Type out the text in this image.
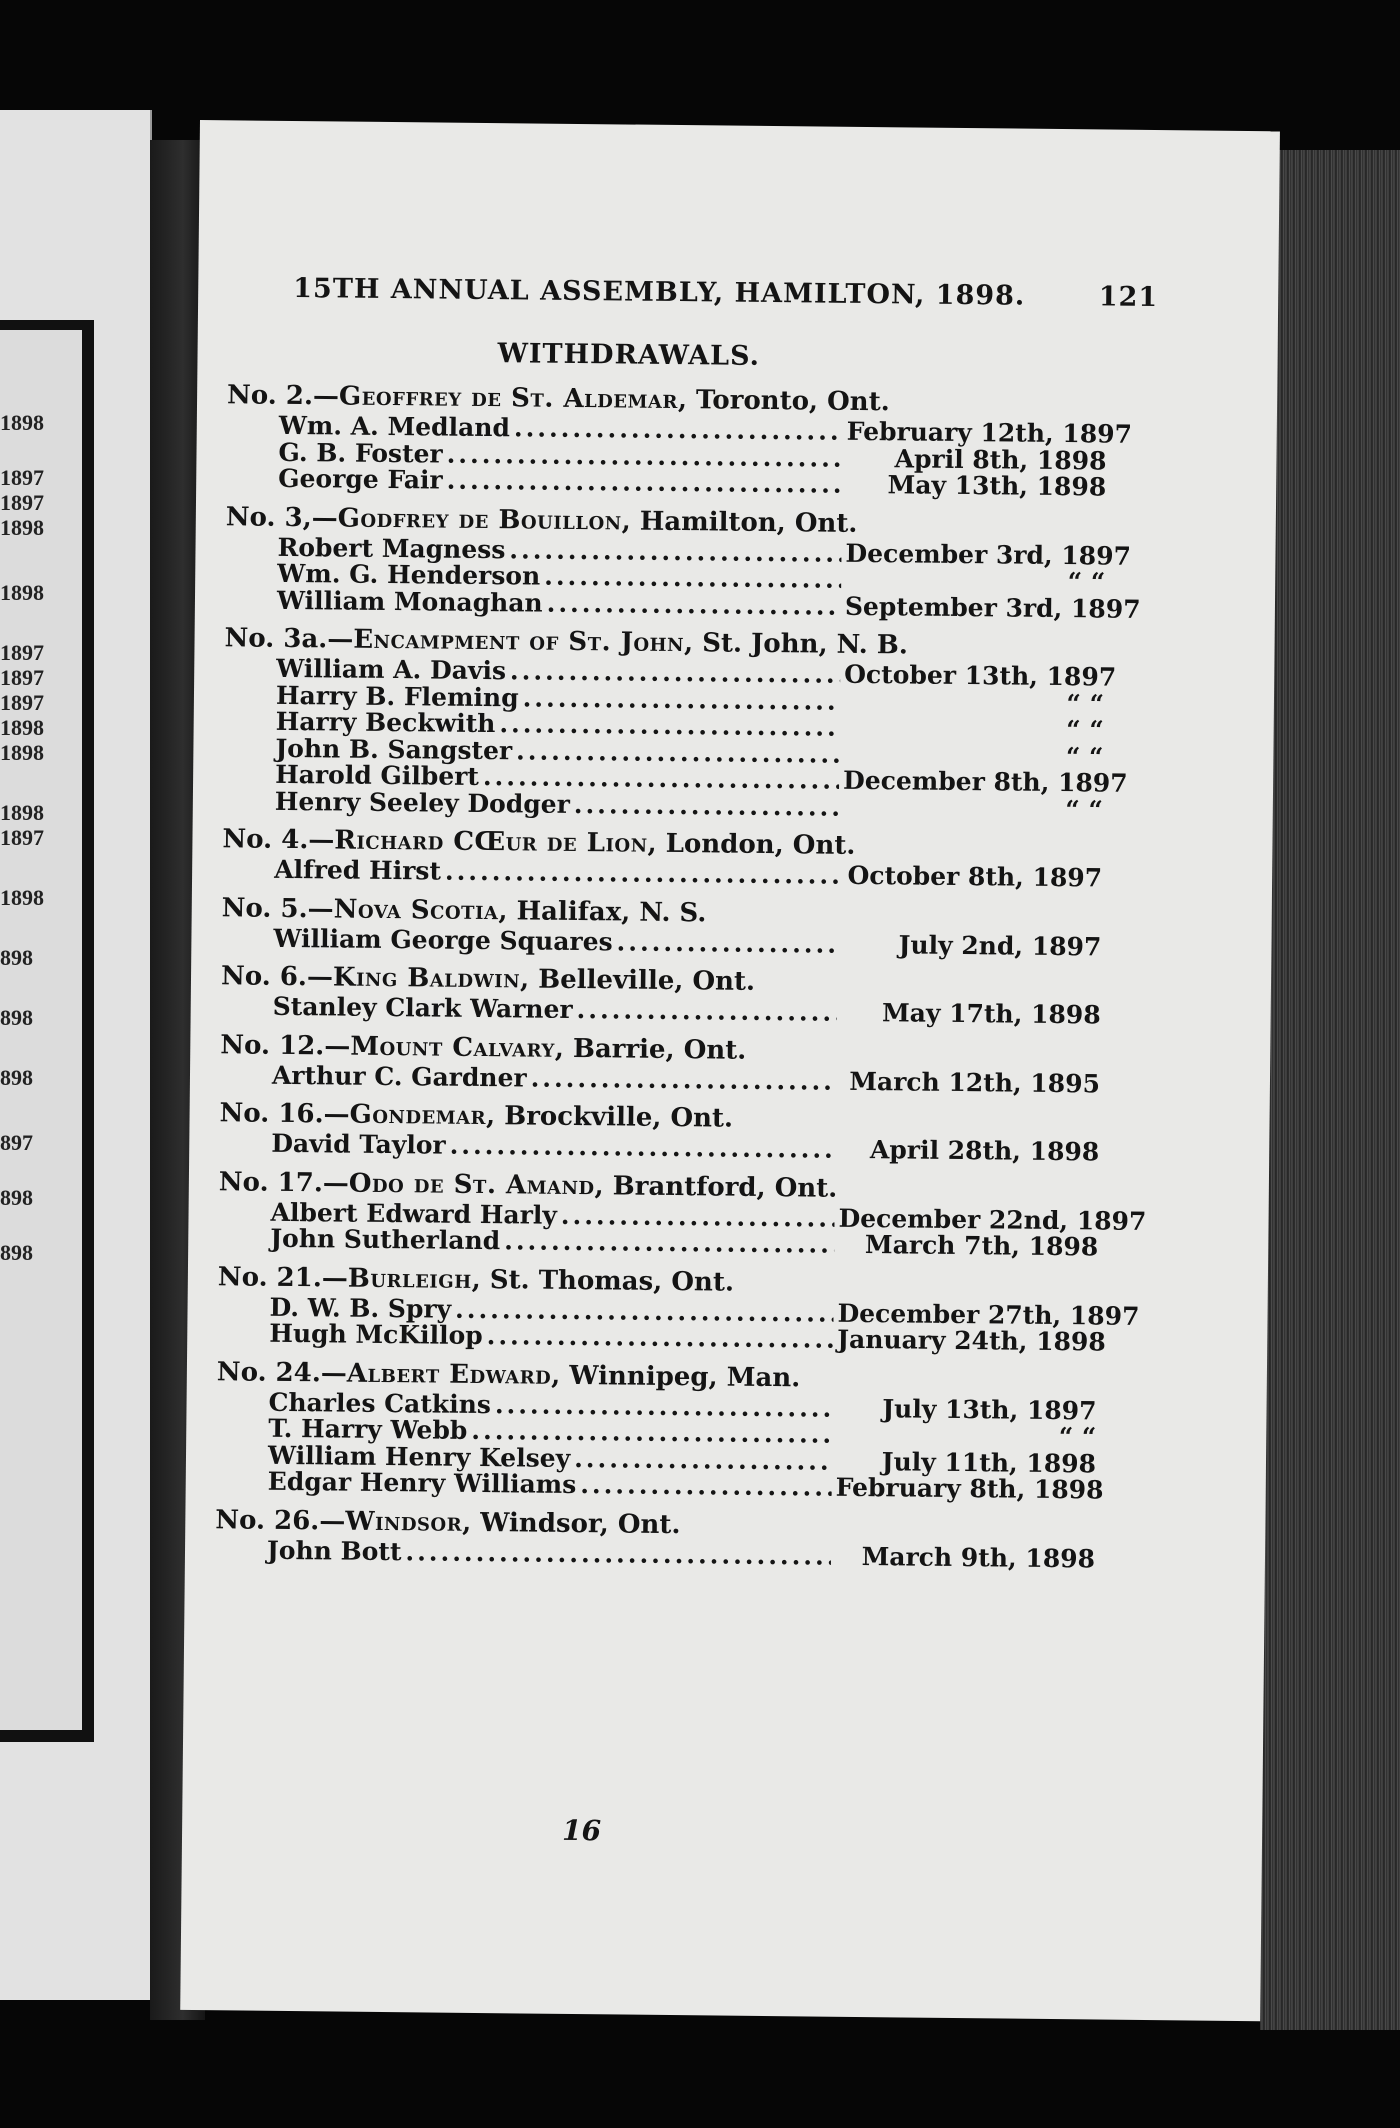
1898
1897
1897
1898
1898
1897
1897
1897
1898
1898
1898
1897
1898
898
898
898
897
898
898
15TH ANNUAL ASSEMBLY, HAMILTON, 1898.	121
WITHDRAWALS.
No. 2.—Geoffrey de St. Aldemar, Toronto, Ont.
Wm. A. Medland .....	February 12th, 1897
G. B. Foster .....	April 8th, 1898
George Fair .....	May 13th, 1898
No. 3,—Godfrey de Bouillon, Hamilton, Ont.
Robert Magness .....	December 3rd, 1897
Wm. G. Henderson .....	“ “
William Monaghan .....	September 3rd, 1897
No. 3a.—Encampment of St. John, St. John, N. B.
William A. Davis .....	October 13th, 1897
Harry B. Fleming .....	“ “
Harry Beckwith .....	“ “
John B. Sangster .....	“ “
Harold Gilbert .....	December 8th, 1897
Henry Seeley Dodger .....	“ “
No. 4.—Richard CŒur de Lion, London, Ont.
Alfred Hirst .....	October 8th, 1897
No. 5.—Nova Scotia, Halifax, N. S.
William George Squares .....	July 2nd, 1897
No. 6.—King Baldwin, Belleville, Ont.
Stanley Clark Warner .....	May 17th, 1898
No. 12.—Mount Calvary, Barrie, Ont.
Arthur C. Gardner .....	March 12th, 1895
No. 16.—Gondemar, Brockville, Ont.
David Taylor .....	April 28th, 1898
No. 17.—Odo de St. Amand, Brantford, Ont.
Albert Edward Harly .....	December 22nd, 1897
John Sutherland .....	March 7th, 1898
No. 21.—Burleigh, St. Thomas, Ont.
D. W. B. Spry .....	December 27th, 1897
Hugh McKillop .....	January 24th, 1898
No. 24.—Albert Edward, Winnipeg, Man.
Charles Catkins .....	July 13th, 1897
T. Harry Webb .....	“ “
William Henry Kelsey .....	July 11th, 1898
Edgar Henry Williams .....	February 8th, 1898
No. 26.—Windsor, Windsor, Ont.
John Bott .....	March 9th, 1898
16
